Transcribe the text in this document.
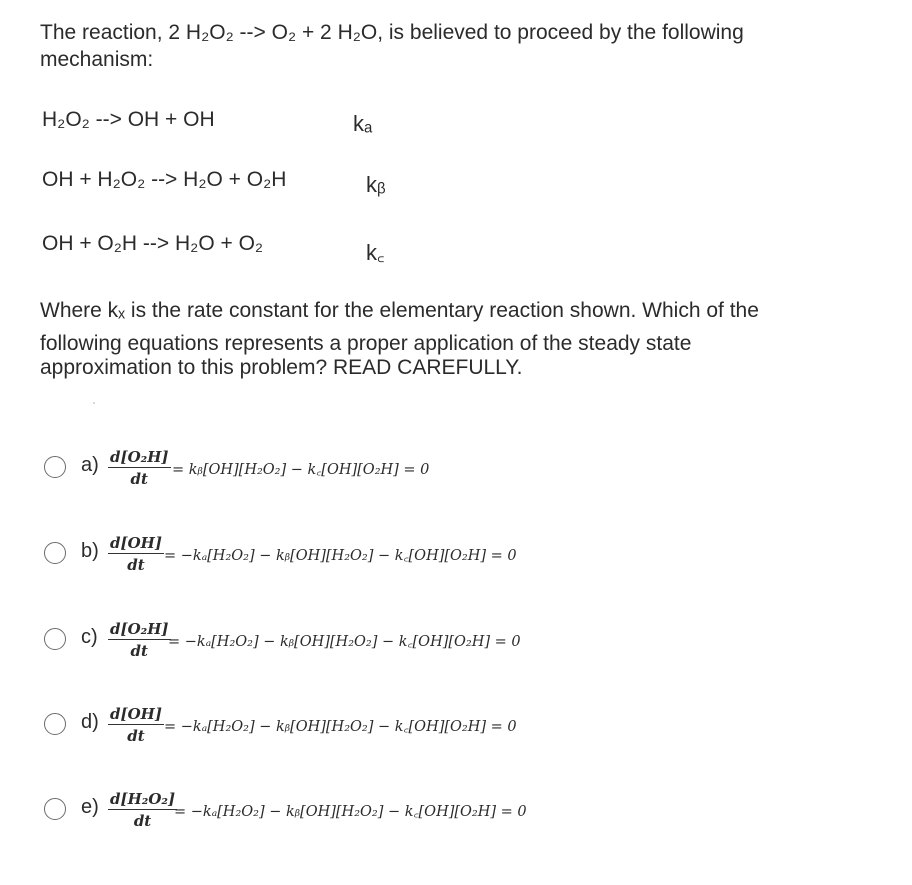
The reaction, 2 H₂O₂ --> O₂ + 2 H₂O, is believed to proceed by the following
mechanism:
H₂O₂ --> OH + OH	kₐ
OH + H₂O₂ --> H₂O + O₂H	kᵦ
OH + O₂H --> H₂O + O₂	k꜀
Where kₓ is the rate constant for the elementary reaction shown. Which of the
following equations represents a proper application of the steady state
approximation to this problem? READ CAREFULLY.
$a) \frac{\text{d[O₂H]}}{dt}$ = kᵦ[OH][H₂O₂] − k꜀[OH][O₂H] = 0
$b) \frac{d[OH]}{dt} = -k_a[H_2O_2]$ − kᵦ[OH][H₂O₂] − k꜀[OH][O₂H] = 0
$c) \frac{\text{d[O₂H]}}{dt}$
= −kₐ[H₂O₂] − kᵦ[OH][H₂O₂] − k꜀[OH][O₂H] = 0
$d) \frac{d[OH]}{dt} = -k_a[H_2O_2]$ − kᵦ[OH][H₂O₂] − k꜀[OH][O₂H] = 0
$e) \frac{\text{d[H₂O₂]}}{dt}$
= −kₐ[H₂O₂] − kᵦ[OH][H₂O₂] − k꜀[OH][O₂H] = 0
